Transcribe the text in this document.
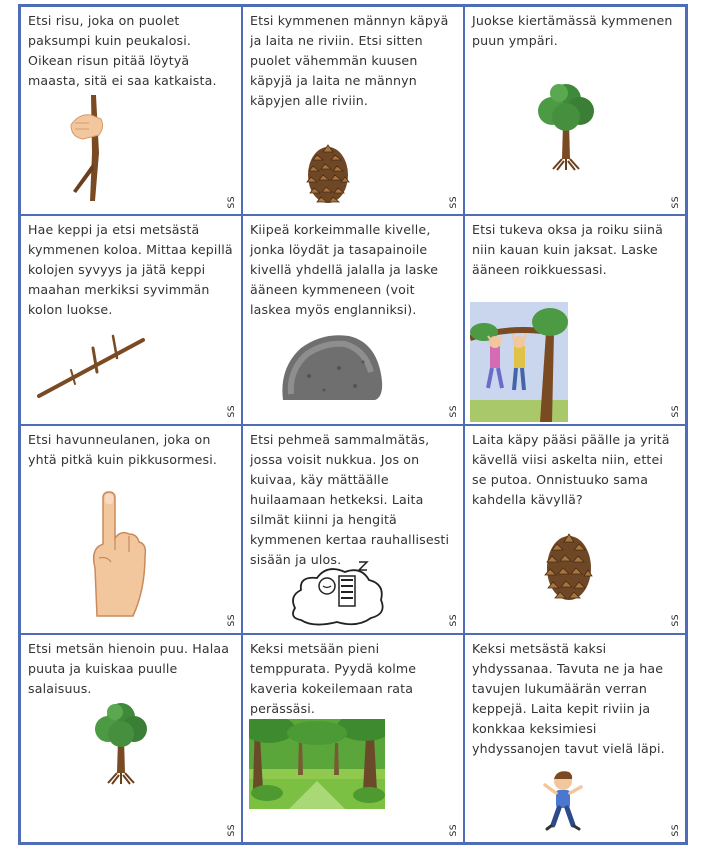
Etsi risu, joka on puolet paksumpi kuin peukalosi. Oikean risun pitää löytyä maasta, sitä ei saa katkaista.

SS

Etsi kymmenen männyn käpyä ja laita ne riviin. Etsi sitten puolet vähemmän kuusen käpyjä ja laita ne männyn käpyjen alle riviin.

SS

Juokse kiertämässä kymmenen puun ympäri.

SS

Hae keppi ja etsi metsästä kymmenen koloa. Mittaa kepillä kolojen syvyys ja jätä keppi maahan merkiksi syvimmän kolon luokse.

SS

Kiipeä korkeimmalle kivelle, jonka löydät ja tasapainoile kivellä yhdellä jalalla ja laske ääneen kymmeneen (voit laskea myös englanniksi).

SS

Etsi tukeva oksa ja roiku siinä niin kauan kuin jaksat. Laske ääneen roikkuessasi.

SS

Etsi havunneulanen, joka on yhtä pitkä kuin pikkusormesi.

SS

Etsi pehmeä sammalmätäs, jossa voisit nukkua. Jos on kuivaa, käy mättäälle huilaamaan hetkeksi. Laita silmät kiinni ja hengitä kymmenen kertaa rauhallisesti sisään ja ulos.

SS

Laita käpy pääsi päälle ja yritä kävellä viisi askelta niin, ettei se putoa. Onnistuuko sama kahdella kävyllä?

SS

Etsi metsän hienoin puu. Halaa puuta ja kuiskaa puulle salaisuus.

SS

Keksi metsään pieni temppurata. Pyydä kolme kaveria kokeilemaan rata perässäsi.

SS

Keksi metsästä kaksi yhdyssanaa. Tavuta ne ja hae tavujen lukumäärän verran keppejä. Laita kepit riviin ja konkkaa keksimiesi yhdyssanojen tavut vielä läpi.

SS
